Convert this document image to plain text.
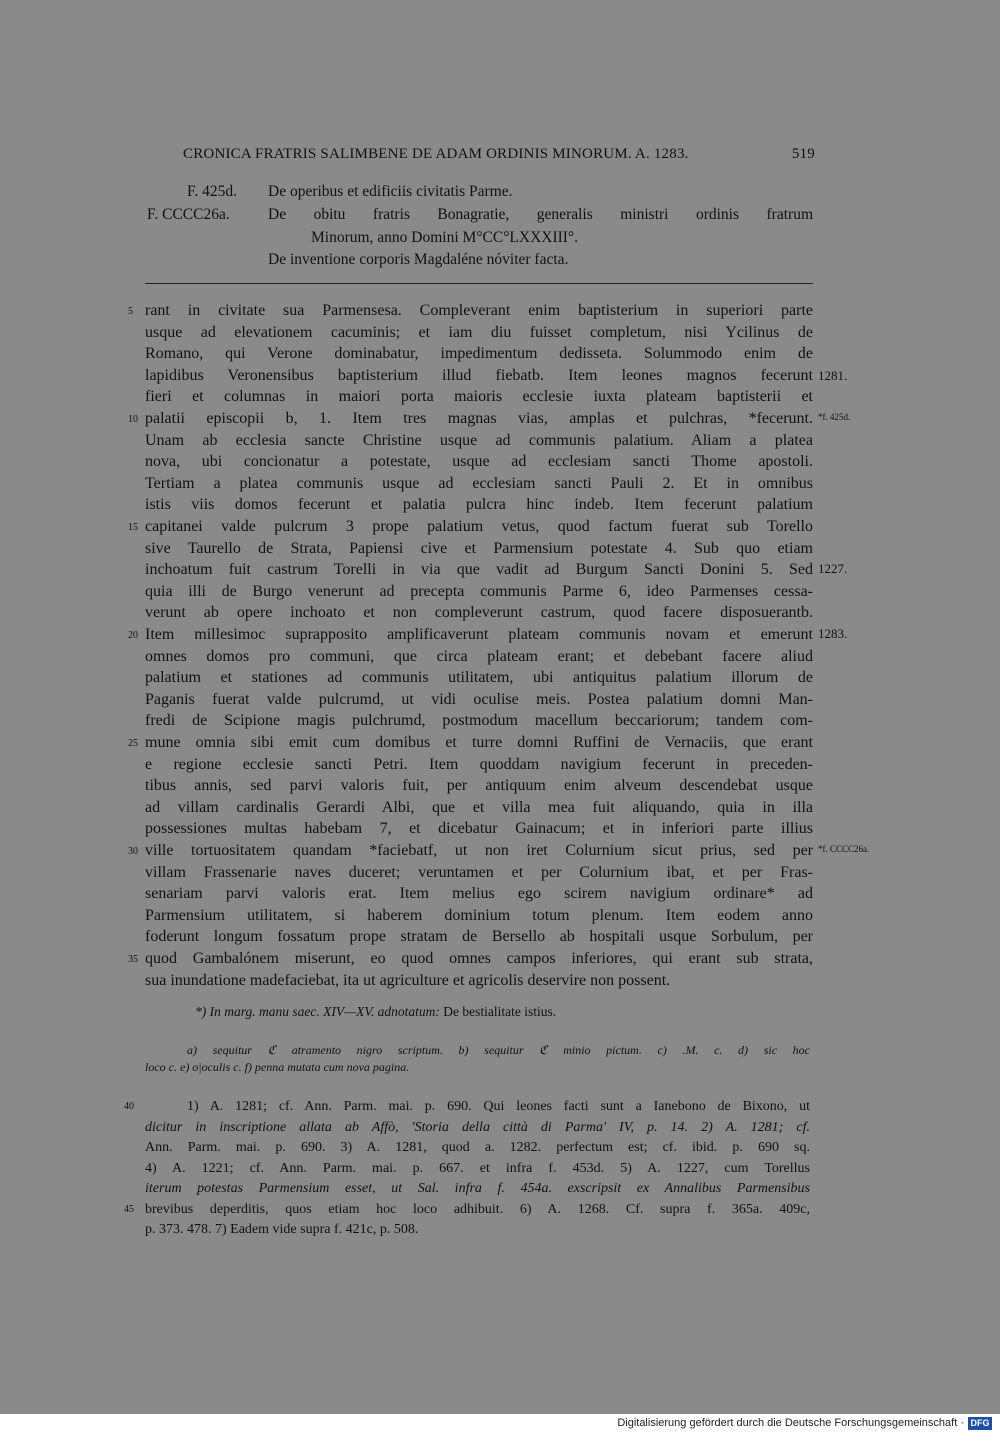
CRONICA FRATRIS SALIMBENE DE ADAM ORDINIS MINORUM. A. 1283.	519
F. 425d. De operibus et edificiis civitatis Parme.
F. CCCC26a. De obitu fratris Bonagratie, generalis ministri ordinis fratrum
Minorum, anno Domini M°CC°LXXXIII°.
De inventione corporis Magdaléne nóviter facta.
rant in civitate sua Parmensesa. Compleverant enim baptisterium in superiori parte
usque ad elevationem cacuminis; et iam diu fuisset completum, nisi Ycilinus de
Romano, qui Verone dominabatur, impedimentum dedisseta. Solummodo enim de
lapidibus Veronensibus baptisterium illud fiebatb. Item leones magnos fecerunt
fieri et columnas in maiori porta maioris ecclesie iuxta plateam baptisterii et
palatii episcopii b, 1. Item tres magnas vias, amplas et pulchras, *fecerunt.
Unam ab ecclesia sancte Christine usque ad communis palatium. Aliam a platea
nova, ubi concionatur a potestate, usque ad ecclesiam sancti Thome apostoli.
Tertiam a platea communis usque ad ecclesiam sancti Pauli 2. Et in omnibus
istis viis domos fecerunt et palatia pulcra hinc indeb. Item fecerunt palatium
capitanei valde pulcrum 3 prope palatium vetus, quod factum fuerat sub Torello
sive Taurello de Strata, Papiensi cive et Parmensium potestate 4. Sub quo etiam
inchoatum fuit castrum Torelli in via que vadit ad Burgum Sancti Donini 5. Sed
quia illi de Burgo venerunt ad precepta communis Parme 6, ideo Parmenses cessa-
verunt ab opere inchoato et non compleverunt castrum, quod facere disposuerantb.
Item millesimoc suprapposito amplificaverunt plateam communis novam et emerunt
omnes domos pro communi, que circa plateam erant; et debebant facere aliud
palatium et stationes ad communis utilitatem, ubi antiquitus palatium illorum de
Paganis fuerat valde pulcrumd, ut vidi oculise meis. Postea palatium domni Man-
fredi de Scipione magis pulchrumd, postmodum macellum beccariorum; tandem com-
mune omnia sibi emit cum domibus et turre domni Ruffini de Vernaciis, que erant
e regione ecclesie sancti Petri. Item quoddam navigium fecerunt in preceden-
tibus annis, sed parvi valoris fuit, per antiquum enim alveum descendebat usque
ad villam cardinalis Gerardi Albi, que et villa mea fuit aliquando, quia in illa
possessiones multas habebam 7, et dicebatur Gainacum; et in inferiori parte illius
ville tortuositatem quandam *faciebatf, ut non iret Colurnium sicut prius, sed per
villam Frassenarie naves duceret; veruntamen et per Colurnium ibat, et per Fras-
senariam parvi valoris erat. Item melius ego scirem navigium ordinare* ad
Parmensium utilitatem, si haberem dominium totum plenum. Item eodem anno
foderunt longum fossatum prope stratam de Bersello ab hospitali usque Sorbulum, per
quod Gambalónem miserunt, eo quod omnes campos inferiores, qui erant sub strata,
sua inundatione madefaciebat, ita ut agriculture et agricolis deservire non possent.
5
10
15
20
25
30
35
1281.
*f. 425d.
1227.
1283.
*f. CCCC26a.
*) In marg. manu saec. XIV—XV. adnotatum: De bestialitate istius.
a) sequitur ℭ atramento nigro scriptum. b) sequitur ℭ minio pictum. c) .M. c. d) sic hoc
loco c. e) o|oculis c. f) penna mutata cum nova pagina.
40
45
1) A. 1281; cf. Ann. Parm. mai. p. 690. Qui leones facti sunt a Ianebono de Bixono, ut
dicitur in inscriptione allata ab Affò, 'Storia della città di Parma' IV, p. 14. 2) A. 1281; cf.
Ann. Parm. mai. p. 690. 3) A. 1281, quod a. 1282. perfectum est; cf. ibid. p. 690 sq.
4) A. 1221; cf. Ann. Parm. mai. p. 667. et infra f. 453d. 5) A. 1227, cum Torellus
iterum potestas Parmensium esset, ut Sal. infra f. 454a. exscripsit ex Annalibus Parmensibus
brevibus deperditis, quos etiam hoc loco adhibuit. 6) A. 1268. Cf. supra f. 365a. 409c,
p. 373. 478. 7) Eadem vide supra f. 421c, p. 508.
Digitalisierung gefördert durch die Deutsche Forschungsgemeinschaft · DFG
